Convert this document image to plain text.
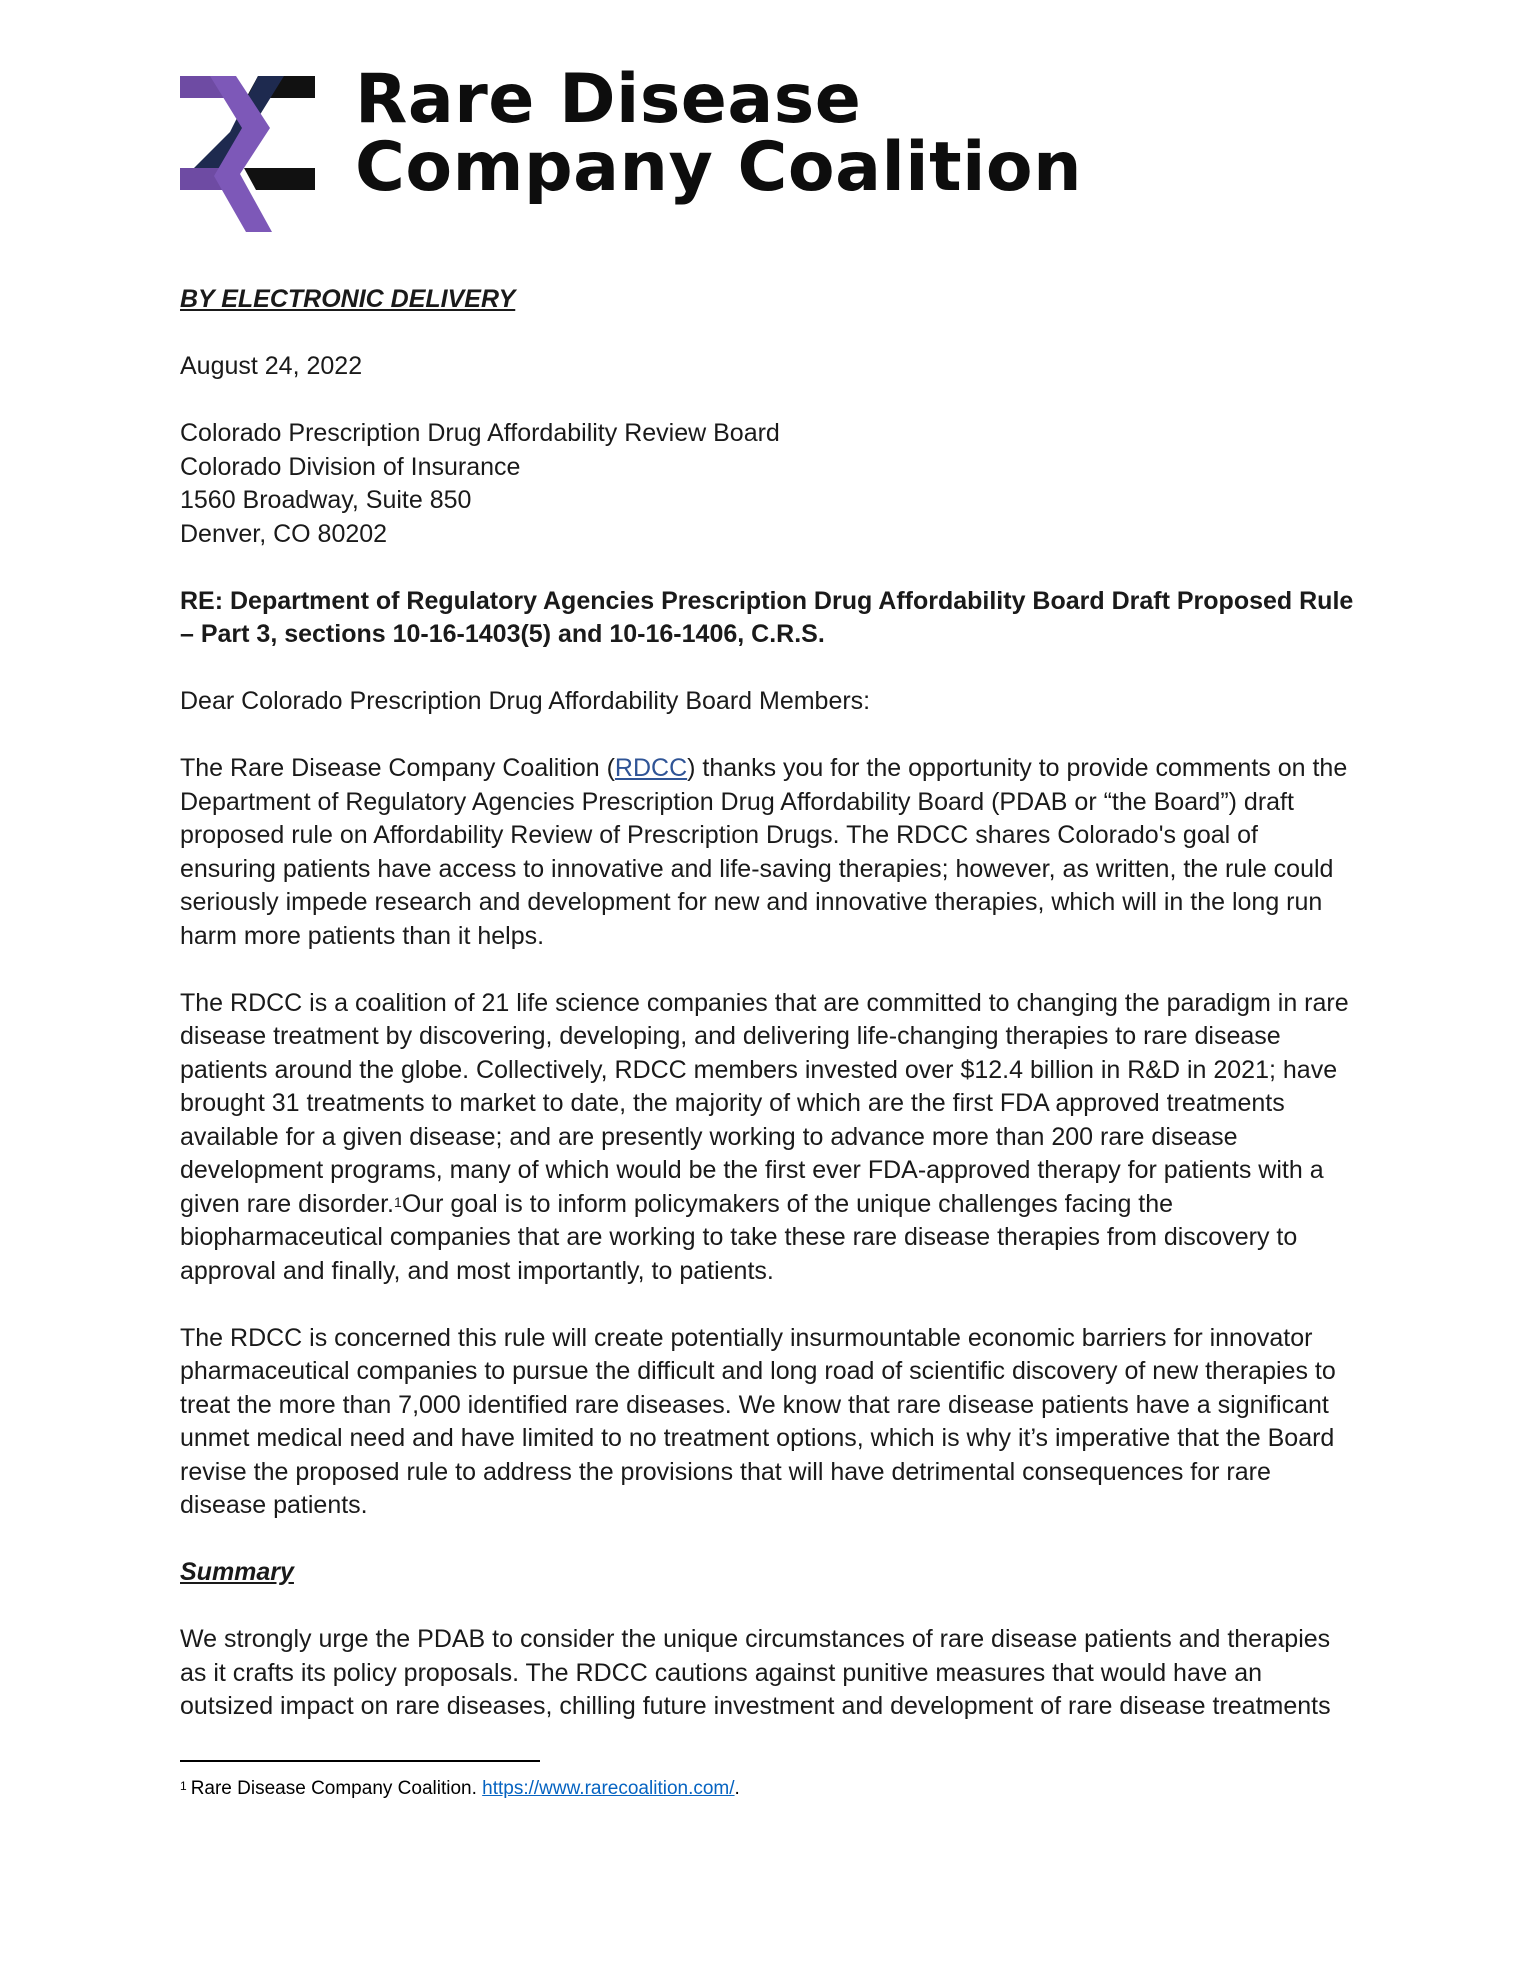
Rare Disease
Company Coalition

BY ELECTRONIC DELIVERY

August 24, 2022

Colorado Prescription Drug Affordability Review Board
Colorado Division of Insurance
1560 Broadway, Suite 850
Denver, CO 80202

RE: Department of Regulatory Agencies Prescription Drug Affordability Board Draft Proposed Rule – Part 3, sections 10-16-1403(5) and 10-16-1406, C.R.S.

Dear Colorado Prescription Drug Affordability Board Members:

The Rare Disease Company Coalition (RDCC) thanks you for the opportunity to provide comments on the Department of Regulatory Agencies Prescription Drug Affordability Board (PDAB or “the Board”) draft proposed rule on Affordability Review of Prescription Drugs. The RDCC shares Colorado's goal of ensuring patients have access to innovative and life-saving therapies; however, as written, the rule could seriously impede research and development for new and innovative therapies, which will in the long run harm more patients than it helps.

The RDCC is a coalition of 21 life science companies that are committed to changing the paradigm in rare disease treatment by discovering, developing, and delivering life-changing therapies to rare disease patients around the globe. Collectively, RDCC members invested over $12.4 billion in R&D in 2021; have brought 31 treatments to market to date, the majority of which are the first FDA approved treatments available for a given disease; and are presently working to advance more than 200 rare disease development programs, many of which would be the first ever FDA-approved therapy for patients with a given rare disorder.$^1$Our goal is to inform policymakers of the unique challenges facing the biopharmaceutical companies that are working to take these rare disease therapies from discovery to approval and finally, and most importantly, to patients.

The RDCC is concerned this rule will create potentially insurmountable economic barriers for innovator pharmaceutical companies to pursue the difficult and long road of scientific discovery of new therapies to treat the more than 7,000 identified rare diseases. We know that rare disease patients have a significant unmet medical need and have limited to no treatment options, which is why it’s imperative that the Board revise the proposed rule to address the provisions that will have detrimental consequences for rare disease patients.

Summary

We strongly urge the PDAB to consider the unique circumstances of rare disease patients and therapies as it crafts its policy proposals. The RDCC cautions against punitive measures that would have an outsized impact on rare diseases, chilling future investment and development of rare disease treatments

$^1$ Rare Disease Company Coalition. https://www.rarecoalition.com/.
